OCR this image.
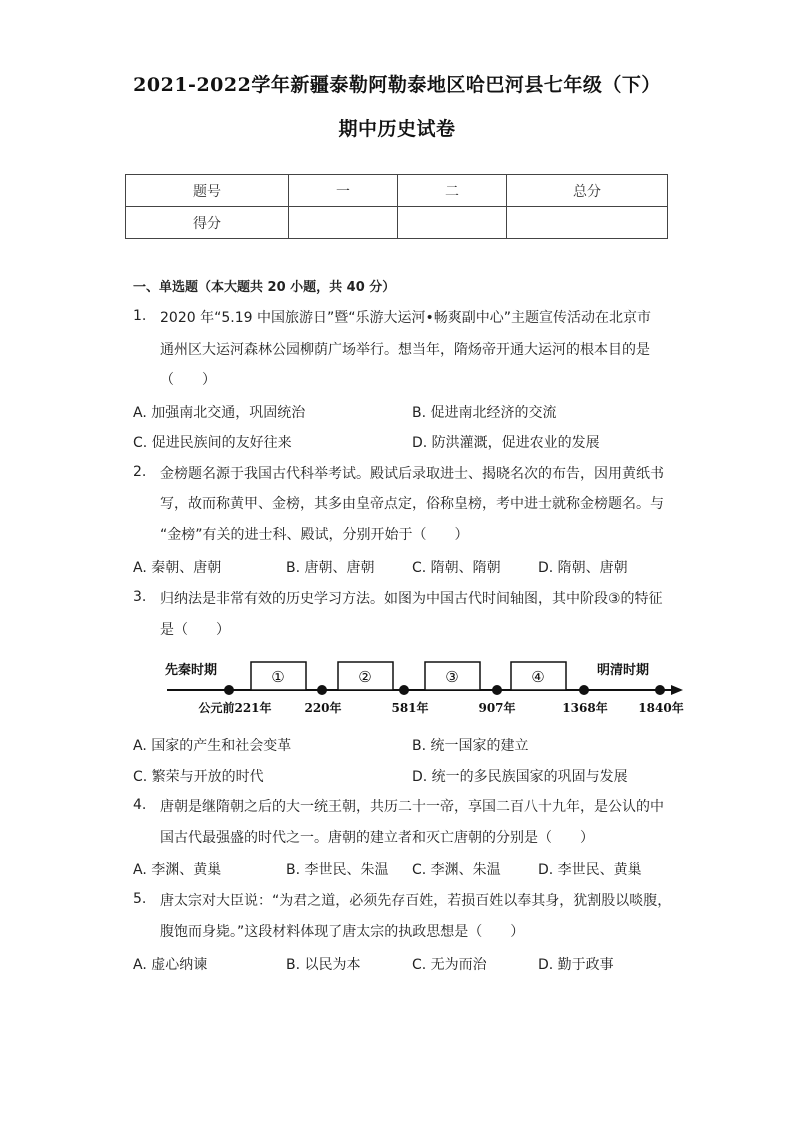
2021-2022学年新疆泰勒阿勒泰地区哈巴河县七年级（下）
期中历史试卷
题号	一	二	总分
得分			
一、单选题（本大题共 20 小题，共 40 分）
1. 2020 年“5.19 中国旅游日”暨“乐游大运河•畅爽副中心”主题宣传活动在北京市
通州区大运河森林公园柳荫广场举行。想当年，隋炀帝开通大运河的根本目的是
（　　）
A. 加强南北交通，巩固统治	B. 促进南北经济的交流
C. 促进民族间的友好往来	D. 防洪灌溉，促进农业的发展
2. 金榜题名源于我国古代科举考试。殿试后录取进士、揭晓名次的布告，因用黄纸书
写，故而称黄甲、金榜，其多由皇帝点定，俗称皇榜，考中进士就称金榜题名。与
“金榜”有关的进士科、殿试，分别开始于（　　）
A. 秦朝、唐朝	B. 唐朝、唐朝	C. 隋朝、隋朝	D. 隋朝、唐朝
3. 归纳法是非常有效的历史学习方法。如图为中国古代时间轴图，其中阶段③的特征
是（　　）
先秦时期	明清时期
①	②	③	④
公元前221年	220年	581年	907年	1368年	1840年
A. 国家的产生和社会变革	B. 统一国家的建立
C. 繁荣与开放的时代	D. 统一的多民族国家的巩固与发展
4. 唐朝是继隋朝之后的大一统王朝，共历二十一帝，享国二百八十九年，是公认的中
国古代最强盛的时代之一。唐朝的建立者和灭亡唐朝的分别是（　　）
A. 李渊、黄巢	B. 李世民、朱温 C. 李渊、朱温	D. 李世民、黄巢
5. 唐太宗对大臣说：“为君之道，必须先存百姓，若损百姓以奉其身，犹割股以啖腹，
腹饱而身毙。”这段材料体现了唐太宗的执政思想是（　　）
A. 虚心纳谏	B. 以民为本	C. 无为而治	D. 勤于政事
